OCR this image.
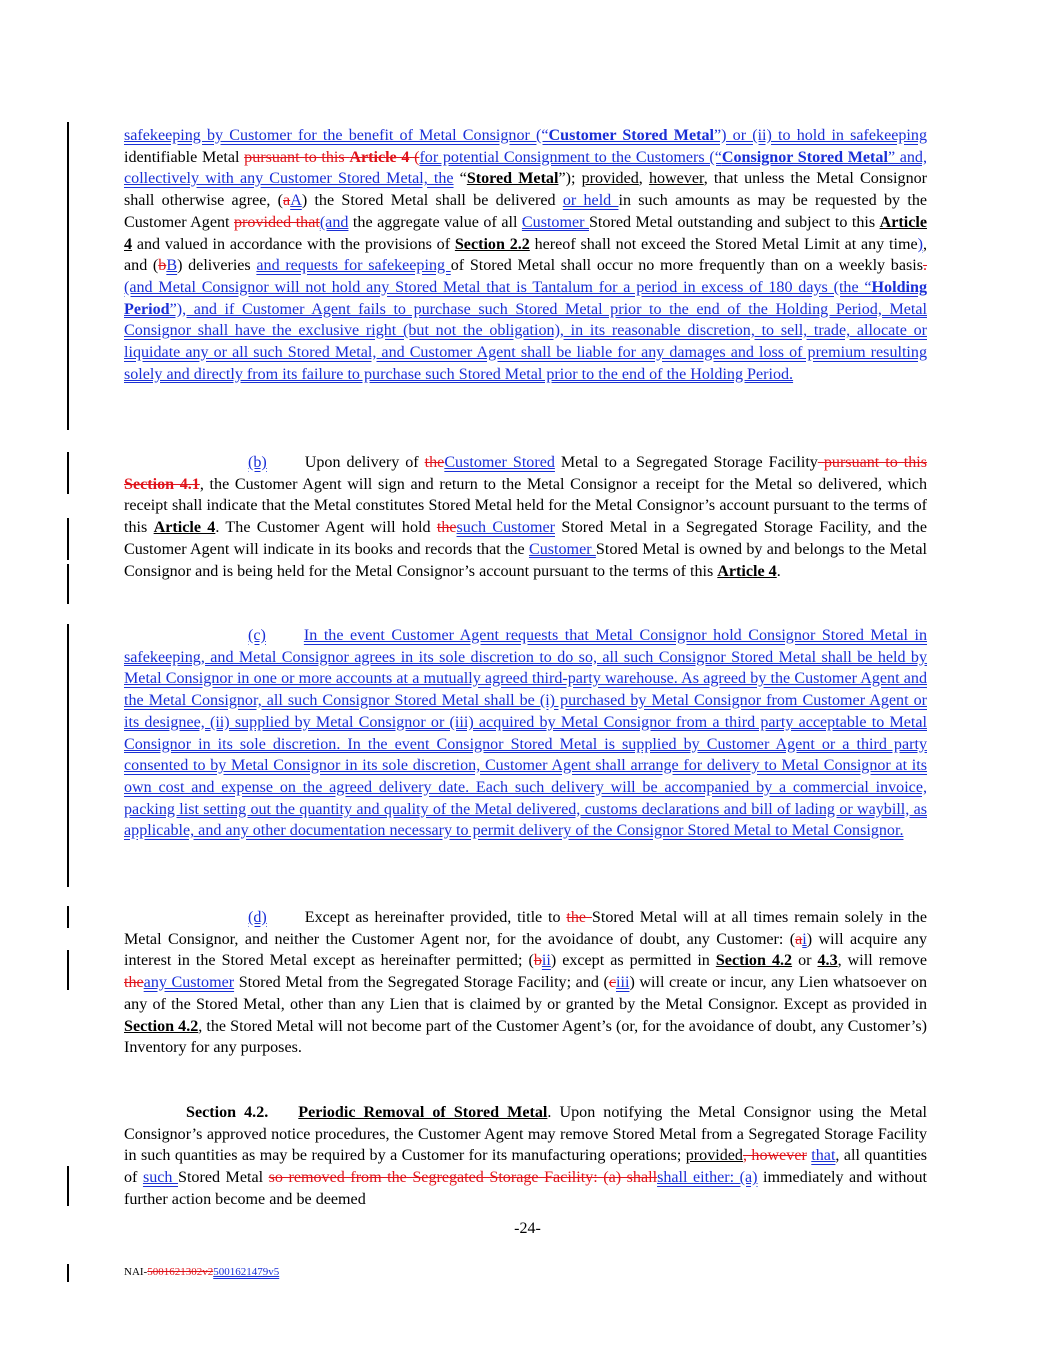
safekeeping by Customer for the benefit of Metal Consignor (“Customer Stored Metal”) or (ii) to hold in safekeeping identifiable Metal pursuant to this Article 4 (for potential Consignment to the Customers (“Consignor Stored Metal” and, collectively with any Customer Stored Metal, the “Stored Metal”); provided, however, that unless the Metal Consignor shall otherwise agree, (aA) the Stored Metal shall be delivered or held in such amounts as may be requested by the Customer Agent provided that(and the aggregate value of all Customer Stored Metal outstanding and subject to this Article 4 and valued in accordance with the provisions of Section 2.2 hereof shall not exceed the Stored Metal Limit at any time), and (bB) deliveries and requests for safekeeping of Stored Metal shall occur no more frequently than on a weekly basis. (and Metal Consignor will not hold any Stored Metal that is Tantalum for a period in excess of 180 days (the “Holding Period”), and if Customer Agent fails to purchase such Stored Metal prior to the end of the Holding Period, Metal Consignor shall have the exclusive right (but not the obligation), in its reasonable discretion, to sell, trade, allocate or liquidate any or all such Stored Metal, and Customer Agent shall be liable for any damages and loss of premium resulting solely and directly from its failure to purchase such Stored Metal prior to the end of the Holding Period.

(b) Upon delivery of theCustomer Stored Metal to a Segregated Storage Facility pursuant to this Section 4.1, the Customer Agent will sign and return to the Metal Consignor a receipt for the Metal so delivered, which receipt shall indicate that the Metal constitutes Stored Metal held for the Metal Consignor’s account pursuant to the terms of this Article 4. The Customer Agent will hold thesuch Customer Stored Metal in a Segregated Storage Facility, and the Customer Agent will indicate in its books and records that the Customer Stored Metal is owned by and belongs to the Metal Consignor and is being held for the Metal Consignor’s account pursuant to the terms of this Article 4.

(c) In the event Customer Agent requests that Metal Consignor hold Consignor Stored Metal in safekeeping, and Metal Consignor agrees in its sole discretion to do so, all such Consignor Stored Metal shall be held by Metal Consignor in one or more accounts at a mutually agreed third-party warehouse. As agreed by the Customer Agent and the Metal Consignor, all such Consignor Stored Metal shall be (i) purchased by Metal Consignor from Customer Agent or its designee, (ii) supplied by Metal Consignor or (iii) acquired by Metal Consignor from a third party acceptable to Metal Consignor in its sole discretion. In the event Consignor Stored Metal is supplied by Customer Agent or a third party consented to by Metal Consignor in its sole discretion, Customer Agent shall arrange for delivery to Metal Consignor at its own cost and expense on the agreed delivery date. Each such delivery will be accompanied by a commercial invoice, packing list setting out the quantity and quality of the Metal delivered, customs declarations and bill of lading or waybill, as applicable, and any other documentation necessary to permit delivery of the Consignor Stored Metal to Metal Consignor.

(d) Except as hereinafter provided, title to the Stored Metal will at all times remain solely in the Metal Consignor, and neither the Customer Agent nor, for the avoidance of doubt, any Customer: (ai) will acquire any interest in the Stored Metal except as hereinafter permitted; (bii) except as permitted in Section 4.2 or 4.3, will remove theany Customer Stored Metal from the Segregated Storage Facility; and (ciii) will create or incur, any Lien whatsoever on any of the Stored Metal, other than any Lien that is claimed by or granted by the Metal Consignor. Except as provided in Section 4.2, the Stored Metal will not become part of the Customer Agent’s (or, for the avoidance of doubt, any Customer’s) Inventory for any purposes.

Section 4.2. Periodic Removal of Stored Metal. Upon notifying the Metal Consignor using the Metal Consignor’s approved notice procedures, the Customer Agent may remove Stored Metal from a Segregated Storage Facility in such quantities as may be required by a Customer for its manufacturing operations; provided, however that, all quantities of such Stored Metal so removed from the Segregated Storage Facility: (a) shallshall either: (a) immediately and without further action become and be deemed

-24-
NAI-5001621302v25001621479v5
